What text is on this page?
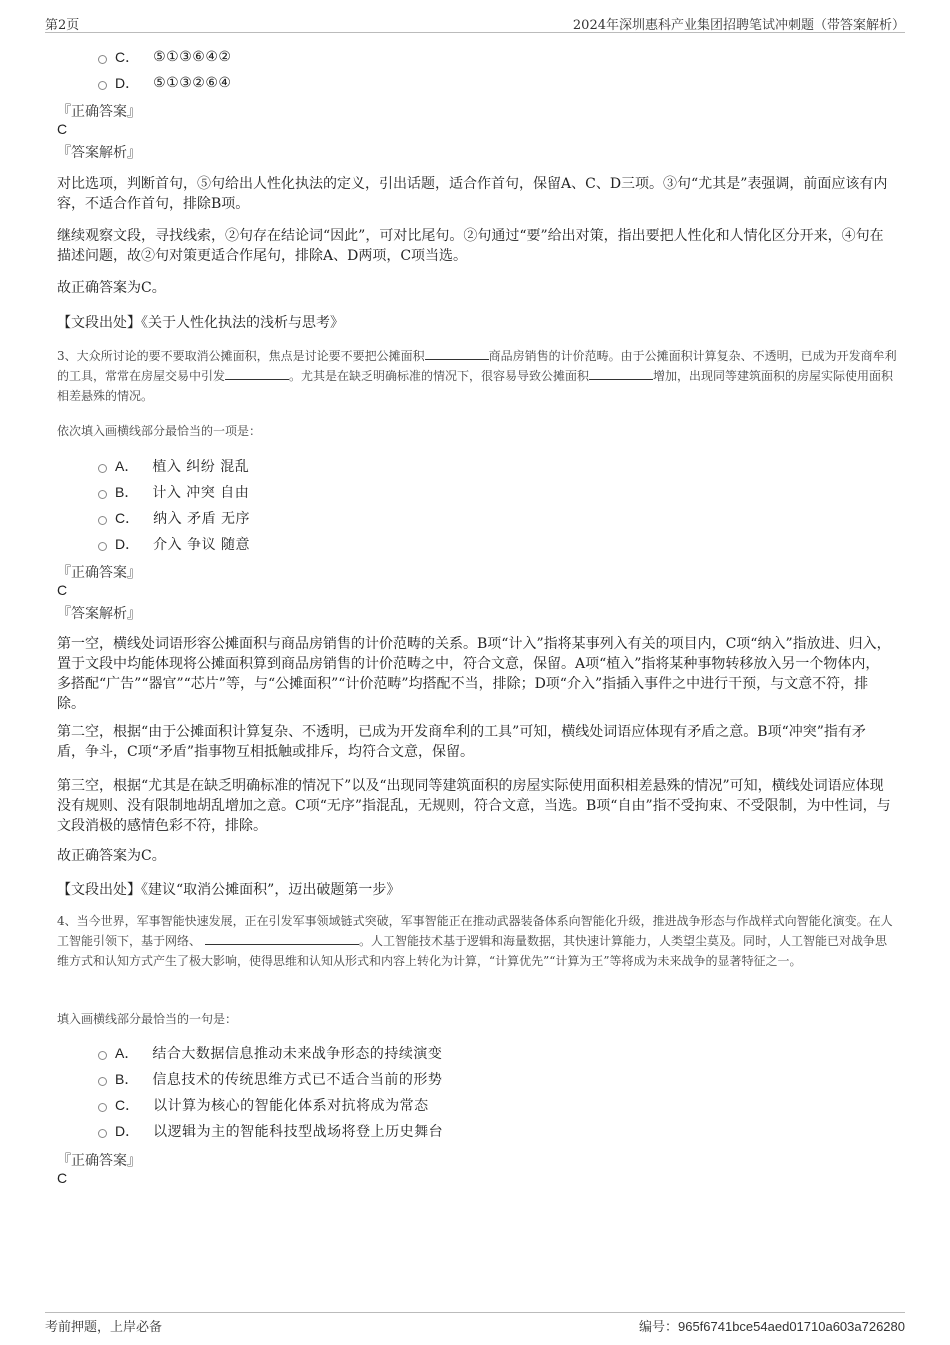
第2页	2024年深圳惠科产业集团招聘笔试冲刺题（带答案解析）
C． ⑤①③⑥④②
D． ⑤①③②⑥④
『正确答案』
C
『答案解析』
对比选项，判断首句，⑤句给出人性化执法的定义，引出话题，适合作首句，保留A、C、D三项。③句“尤其是”表强调，前面应该有内容，不适合作首句，排除B项。
继续观察文段，寻找线索，②句存在结论词“因此”，可对比尾句。②句通过“要”给出对策，指出要把人性化和人情化区分开来，④句在描述问题，故②句对策更适合作尾句，排除A、D两项，C项当选。
故正确答案为C。
【文段出处】《关于人性化执法的浅析与思考》
3、大众所讨论的要不要取消公摊面积，焦点是讨论要不要把公摊面积	商品房销售的计价范畴。由于公摊面积计算复杂、不透明，已成为开发商牟利的工具，常常在房屋交易中引发	。尤其是在缺乏明确标准的情况下，很容易导致公摊面积	增加，出现同等建筑面积的房屋实际使用面积相差悬殊的情况。
依次填入画横线部分最恰当的一项是：
A． 植入 纠纷 混乱
B． 计入 冲突 自由
C． 纳入 矛盾 无序
D． 介入 争议 随意
『正确答案』
C
『答案解析』
第一空，横线处词语形容公摊面积与商品房销售的计价范畴的关系。B项“计入”指将某事列入有关的项目内，C项“纳入”指放进、归入，置于文段中均能体现将公摊面积算到商品房销售的计价范畴之中，符合文意，保留。A项“植入”指将某种事物转移放入另一个物体内，多搭配“广告”“器官”“芯片”等，与“公摊面积”“计价范畴”均搭配不当，排除；D项“介入”指插入事件之中进行干预，与文意不符，排除。
第二空，根据“由于公摊面积计算复杂、不透明，已成为开发商牟利的工具”可知，横线处词语应体现有矛盾之意。B项“冲突”指有矛盾，争斗，C项“矛盾”指事物互相抵触或排斥，均符合文意，保留。
第三空，根据“尤其是在缺乏明确标准的情况下”以及“出现同等建筑面积的房屋实际使用面积相差悬殊的情况”可知，横线处词语应体现没有规则、没有限制地胡乱增加之意。C项“无序”指混乱，无规则，符合文意，当选。B项“自由”指不受拘束、不受限制，为中性词，与文段消极的感情色彩不符，排除。
故正确答案为C。
【文段出处】《建议“取消公摊面积”，迈出破题第一步》
4、当今世界，军事智能快速发展，正在引发军事领域链式突破，军事智能正在推动武器装备体系向智能化升级，推进战争形态与作战样式向智能化演变。在人工智能引领下，基于网络、	。人工智能技术基于逻辑和海量数据，其快速计算能力，人类望尘莫及。同时，人工智能已对战争思维方式和认知方式产生了极大影响，使得思维和认知从形式和内容上转化为计算，“计算优先”“计算为王”等将成为未来战争的显著特征之一。
填入画横线部分最恰当的一句是：
A． 结合大数据信息推动未来战争形态的持续演变
B． 信息技术的传统思维方式已不适合当前的形势
C． 以计算为核心的智能化体系对抗将成为常态
D． 以逻辑为主的智能科技型战场将登上历史舞台
『正确答案』
C
考前押题，上岸必备	编号：965f6741bce54aed01710a603a726280
